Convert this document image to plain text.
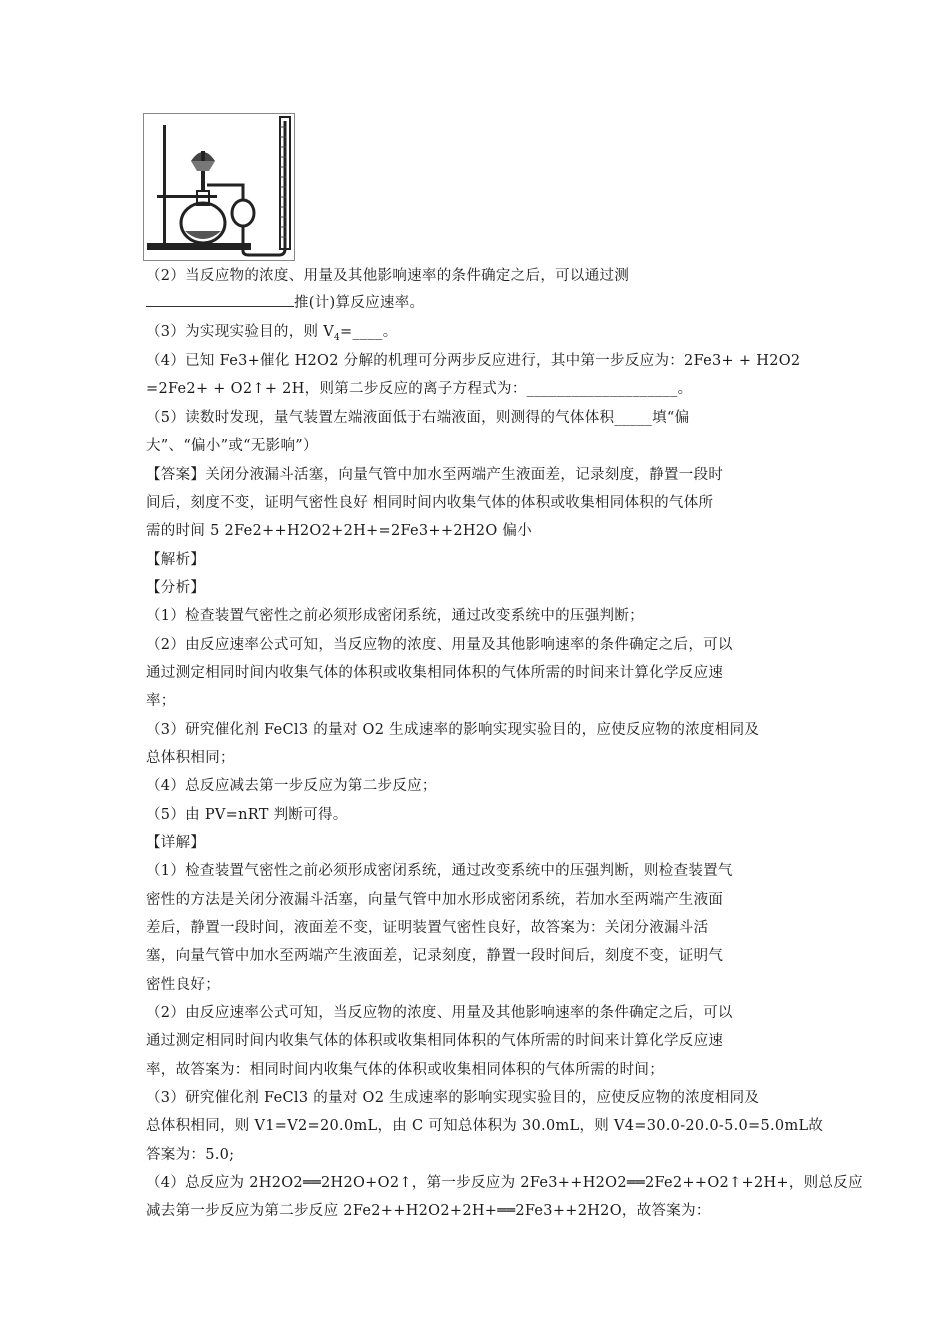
（2）当反应物的浓度、用量及其他影响速率的条件确定之后，可以通过测
推(计)算反应速率。
（3）为实现实验目的，则 $V_4=\_\_\_\_$。
（4）已知 Fe3+催化 H2O2 分解的机理可分两步反应进行，其中第一步反应为：2Fe3+ + H2O2
=2Fe2+ + O2↑+ 2H，则第二步反应的离子方程式为：____________________。
（5）读数时发现，量气装置左端液面低于右端液面，则测得的气体体积_____填“偏
大”、“偏小”或“无影响”）
【答案】关闭分液漏斗活塞，向量气管中加水至两端产生液面差，记录刻度，静置一段时
间后，刻度不变，证明气密性良好 相同时间内收集气体的体积或收集相同体积的气体所
需的时间 5 2Fe2++H2O2+2H+=2Fe3++2H2O 偏小
【解析】
【分析】
（1）检查装置气密性之前必须形成密闭系统，通过改变系统中的压强判断；
（2）由反应速率公式可知，当反应物的浓度、用量及其他影响速率的条件确定之后，可以
通过测定相同时间内收集气体的体积或收集相同体积的气体所需的时间来计算化学反应速
率；
（3）研究催化剂 FeCl3 的量对 O2 生成速率的影响实现实验目的，应使反应物的浓度相同及
总体积相同；
（4）总反应减去第一步反应为第二步反应；
（5）由 PV=nRT 判断可得。
【详解】
（1）检查装置气密性之前必须形成密闭系统，通过改变系统中的压强判断，则检查装置气
密性的方法是关闭分液漏斗活塞，向量气管中加水形成密闭系统，若加水至两端产生液面
差后，静置一段时间，液面差不变，证明装置气密性良好，故答案为：关闭分液漏斗活
塞，向量气管中加水至两端产生液面差，记录刻度，静置一段时间后，刻度不变，证明气
密性良好；
（2）由反应速率公式可知，当反应物的浓度、用量及其他影响速率的条件确定之后，可以
通过测定相同时间内收集气体的体积或收集相同体积的气体所需的时间来计算化学反应速
率，故答案为：相同时间内收集气体的体积或收集相同体积的气体所需的时间；
（3）研究催化剂 FeCl3 的量对 O2 生成速率的影响实现实验目的，应使反应物的浓度相同及
总体积相同，则 V1=V2=20.0mL，由 C 可知总体积为 30.0mL，则 V4=30.0-20.0-5.0=5.0mL故
答案为：5.0;
（4）总反应为 2H2O2══2H2O+O2↑，第一步反应为 2Fe3++H2O2══2Fe2++O2↑+2H+，则总反应
减去第一步反应为第二步反应 2Fe2++H2O2+2H+══2Fe3++2H2O，故答案为：
